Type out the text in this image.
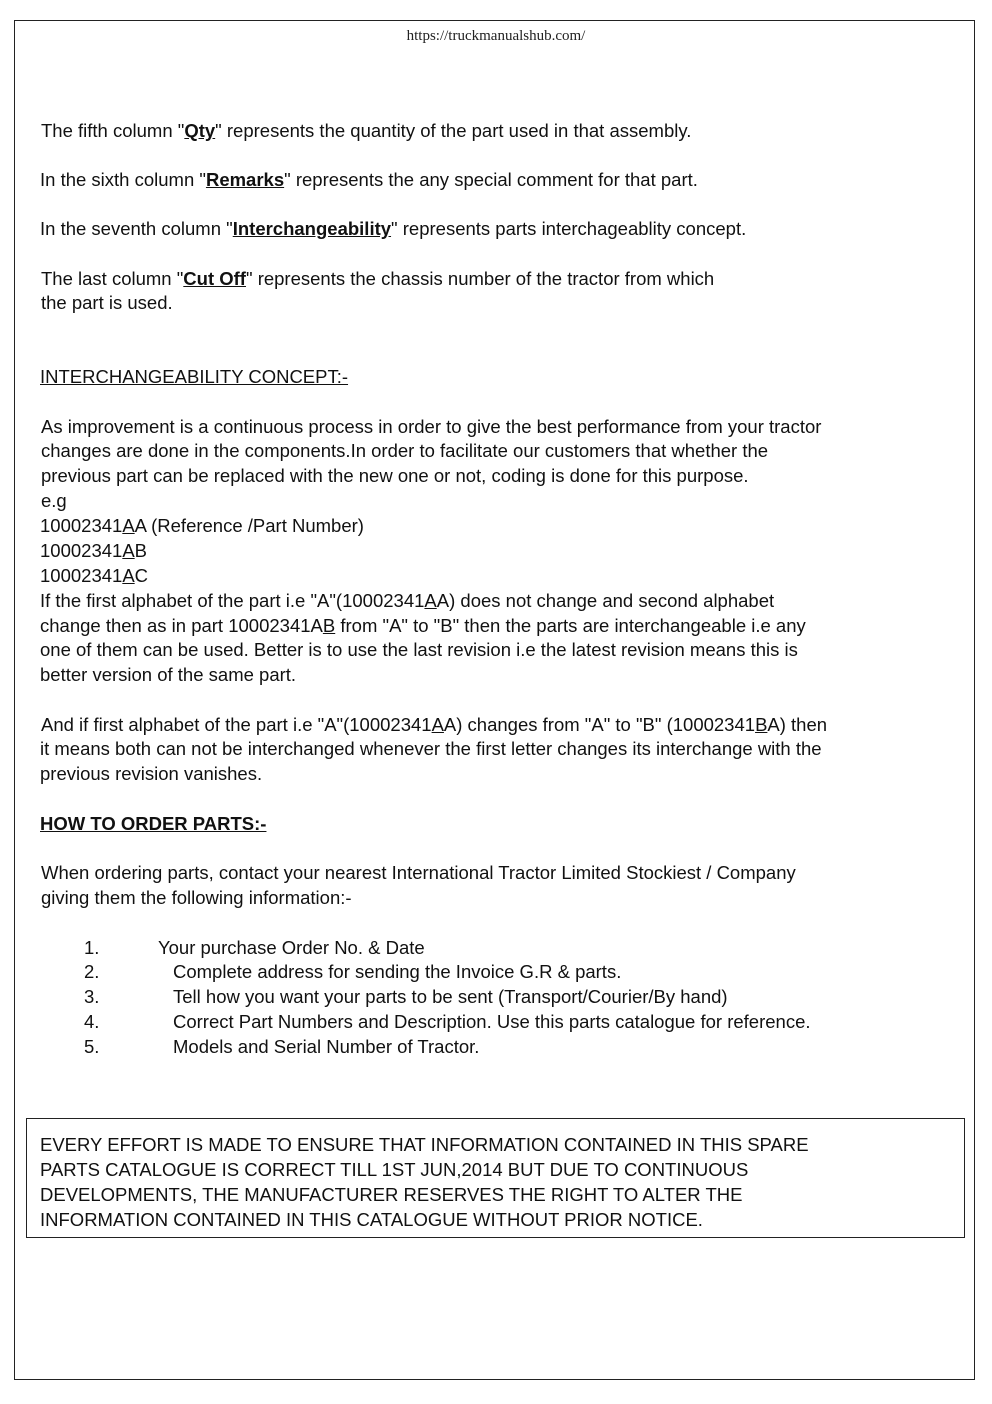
https://truckmanualshub.com/
The fifth column "Qty" represents the quantity of the part used in that assembly.
In the sixth column "Remarks" represents the any special comment for that part.
In the seventh column "Interchangeability" represents parts interchageablity concept.
The last column "Cut Off" represents the chassis number of the tractor from which
the part is used.
INTERCHANGEABILITY CONCEPT:-
As improvement is a continuous process in order to give the best performance from your tractor
changes are done in the components.In order to facilitate our customers that whether the
previous part can be replaced with the new one or not, coding is done for this purpose.
e.g
10002341AA (Reference /Part Number)
10002341AB
10002341AC
If the first alphabet of the part i.e "A"(10002341AA) does not change and second alphabet
change then as in part 10002341AB from "A" to "B" then the parts are interchangeable i.e any
one of them can be used. Better is to use the last revision i.e the latest revision means this is
better version of the same part.
And if first alphabet of the part i.e "A"(10002341AA) changes from "A" to "B" (10002341BA) then
it means both can not be interchanged whenever the first letter changes its interchange with the
previous revision vanishes.
HOW TO ORDER PARTS:-
When ordering parts, contact your nearest International Tractor Limited Stockiest / Company
giving them the following information:-
1.	Your purchase Order No. & Date
2.	Complete address for sending the Invoice G.R & parts.
3.	Tell how you want your parts to be sent (Transport/Courier/By hand)
4.	Correct Part Numbers and Description. Use this parts catalogue for reference.
5.	Models and Serial Number of Tractor.
EVERY EFFORT IS MADE TO ENSURE THAT INFORMATION CONTAINED IN THIS SPARE
PARTS CATALOGUE IS CORRECT TILL 1ST JUN,2014 BUT DUE TO CONTINUOUS
DEVELOPMENTS, THE MANUFACTURER RESERVES THE RIGHT TO ALTER THE
INFORMATION CONTAINED IN THIS CATALOGUE WITHOUT PRIOR NOTICE.
